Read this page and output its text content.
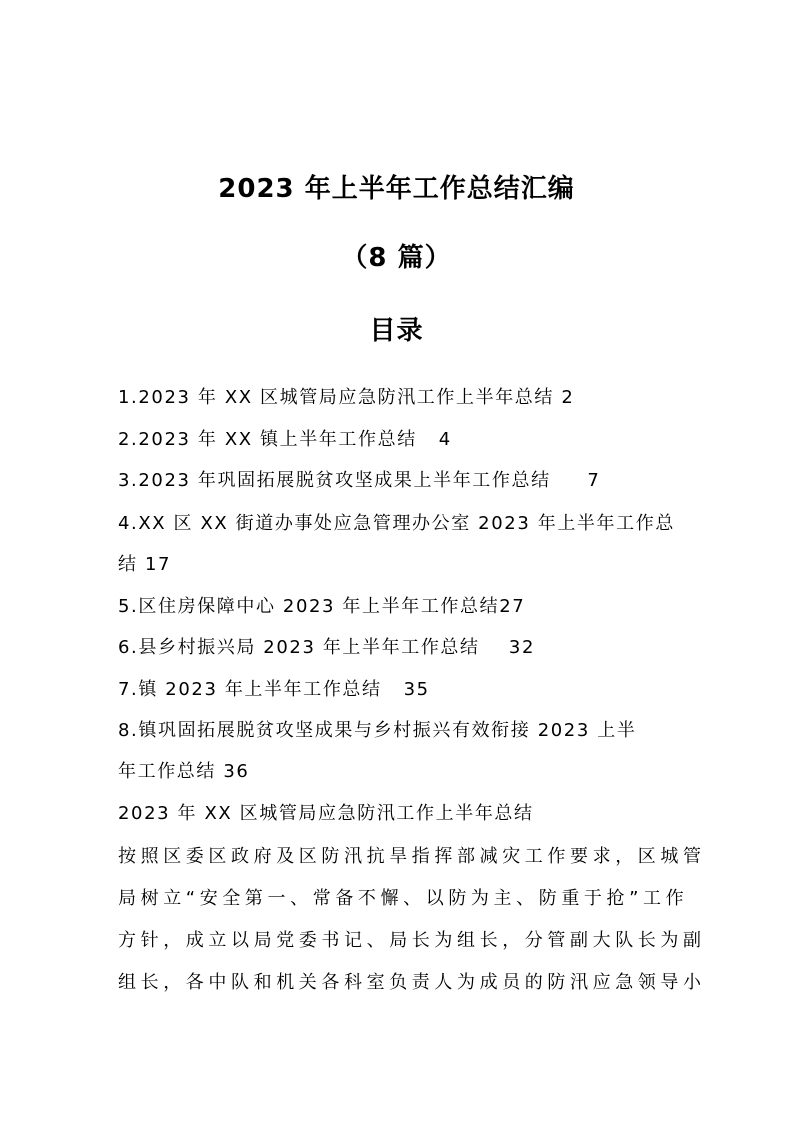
2023 年上半年工作总结汇编
（8 篇）
目录
1.2023 年 XX 区城管局应急防汛工作上半年总结 2
2.2023 年 XX 镇上半年工作总结 4
3.2023 年巩固拓展脱贫攻坚成果上半年工作总结 7
4.XX 区 XX 街道办事处应急管理办公室 2023 年上半年工作总
结 17
5.区住房保障中心 2023 年上半年工作总结27
6.县乡村振兴局 2023 年上半年工作总结 32
7.镇 2023 年上半年工作总结 35
8.镇巩固拓展脱贫攻坚成果与乡村振兴有效衔接 2023 上半
年工作总结 36
2023 年 XX 区城管局应急防汛工作上半年总结
按照区委区政府及区防汛抗旱指挥部减灾工作要求，区城管
局树立“安全第一、常备不懈、以防为主、防重于抢”工作
方针，成立以局党委书记、局长为组长，分管副大队长为副
组长，各中队和机关各科室负责人为成员的防汛应急领导小
